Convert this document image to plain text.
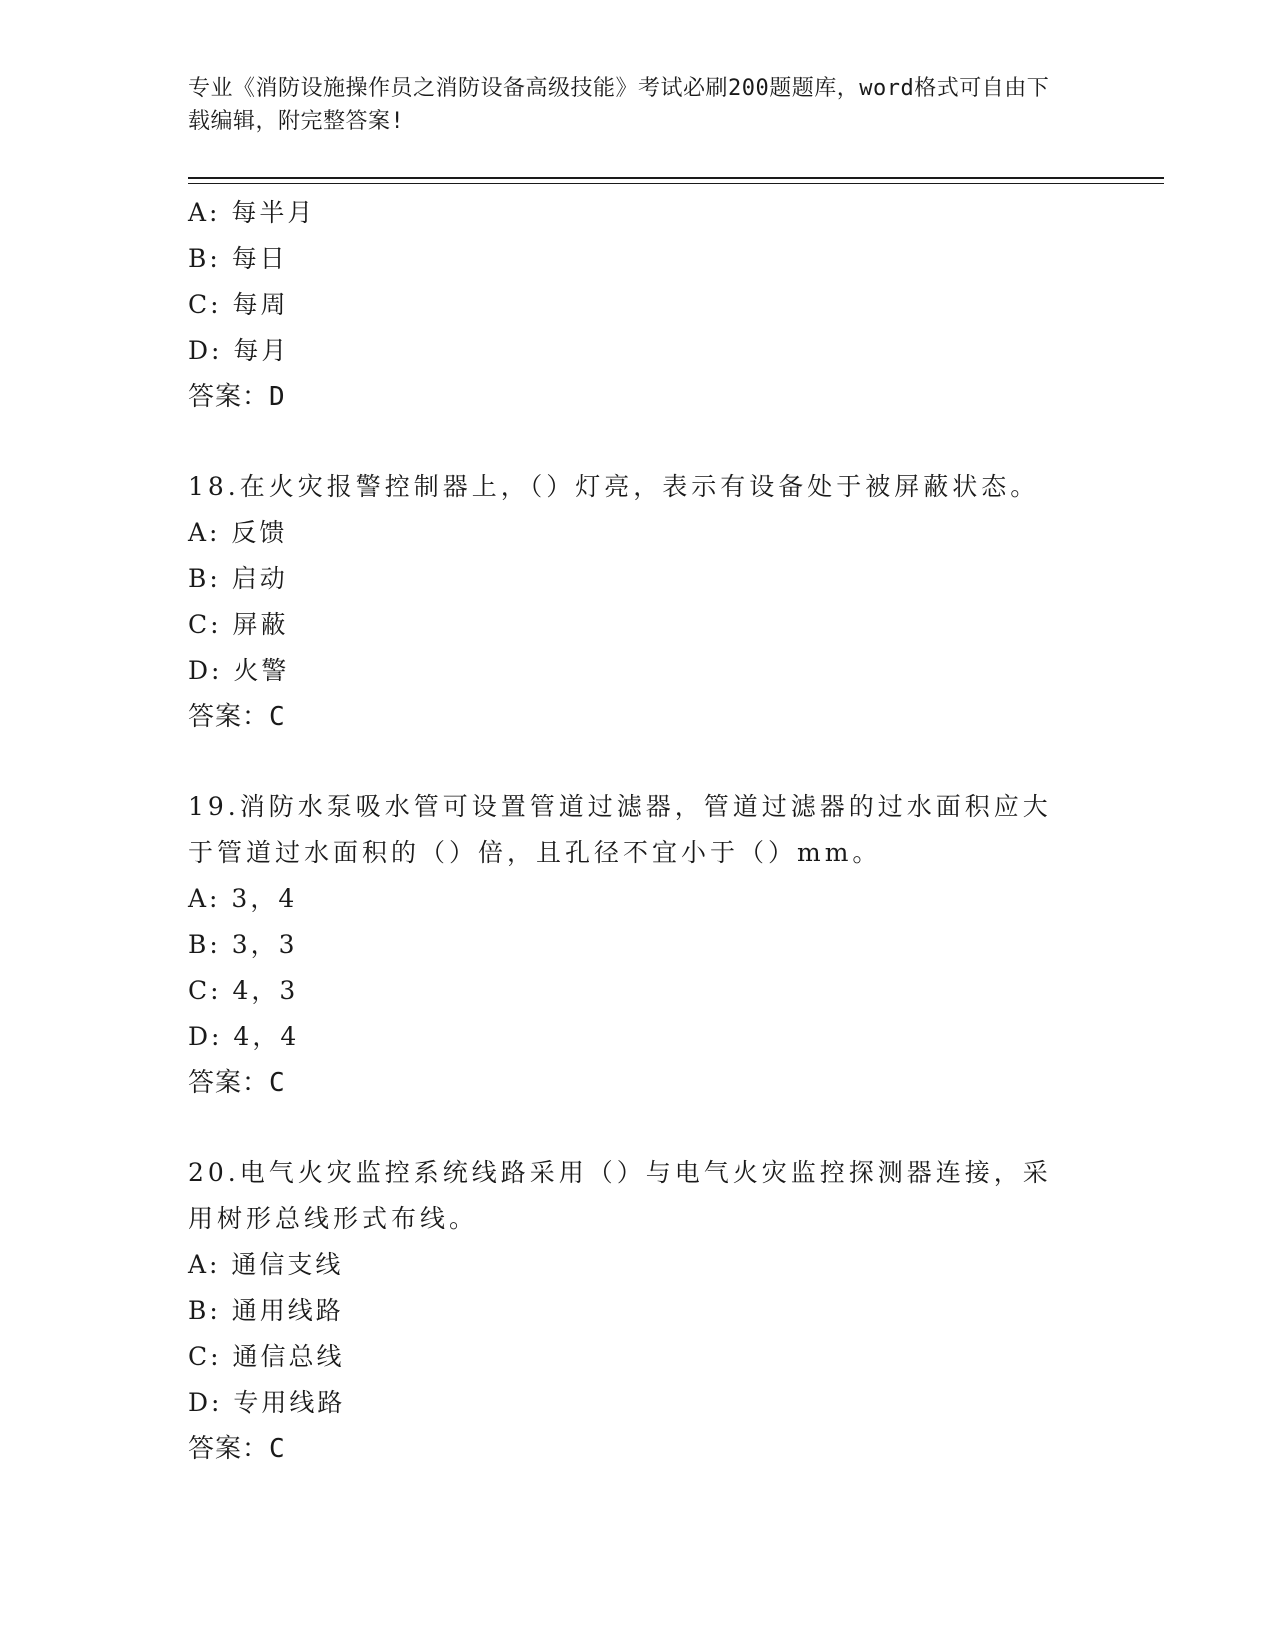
专业《消防设施操作员之消防设备高级技能》考试必刷200题题库，word格式可自由下载编辑，附完整答案!
A: 每半月
B: 每日
C: 每周
D: 每月
答案：D
18.在火灾报警控制器上，（）灯亮，表示有设备处于被屏蔽状态。
A: 反馈
B: 启动
C: 屏蔽
D: 火警
答案：C
19.消防水泵吸水管可设置管道过滤器，管道过滤器的过水面积应大于管道过水面积的（）倍，且孔径不宜小于（）mm。
A: 3，4
B: 3，3
C: 4，3
D: 4，4
答案：C
20.电气火灾监控系统线路采用（）与电气火灾监控探测器连接，采用树形总线形式布线。
A: 通信支线
B: 通用线路
C: 通信总线
D: 专用线路
答案：C
